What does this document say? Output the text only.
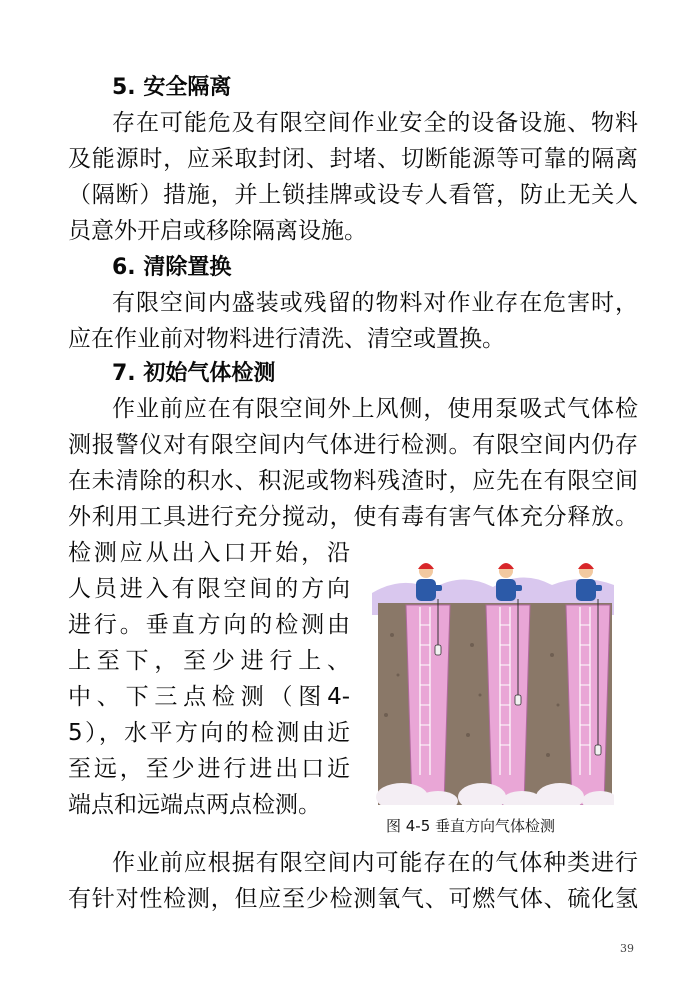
5. 安全隔离
存在可能危及有限空间作业安全的设备设施、物料
及能源时，应采取封闭、封堵、切断能源等可靠的隔离
（隔断）措施，并上锁挂牌或设专人看管，防止无关人
员意外开启或移除隔离设施。
6. 清除置换
有限空间内盛装或残留的物料对作业存在危害时，
应在作业前对物料进行清洗、清空或置换。
7. 初始气体检测
作业前应在有限空间外上风侧，使用泵吸式气体检
测报警仪对有限空间内气体进行检测。有限空间内仍存
在未清除的积水、积泥或物料残渣时，应先在有限空间
外利用工具进行充分搅动，使有毒有害气体充分释放。
检测应从出入口开始，沿
人员进入有限空间的方向
进行。垂直方向的检测由
上至下，至少进行上、
中、下三点检测（图4-
5），水平方向的检测由近
至远，至少进行进出口近
端点和远端点两点检测。
图 4-5 垂直方向气体检测
作业前应根据有限空间内可能存在的气体种类进行
有针对性检测，但应至少检测氧气、可燃气体、硫化氢
39
